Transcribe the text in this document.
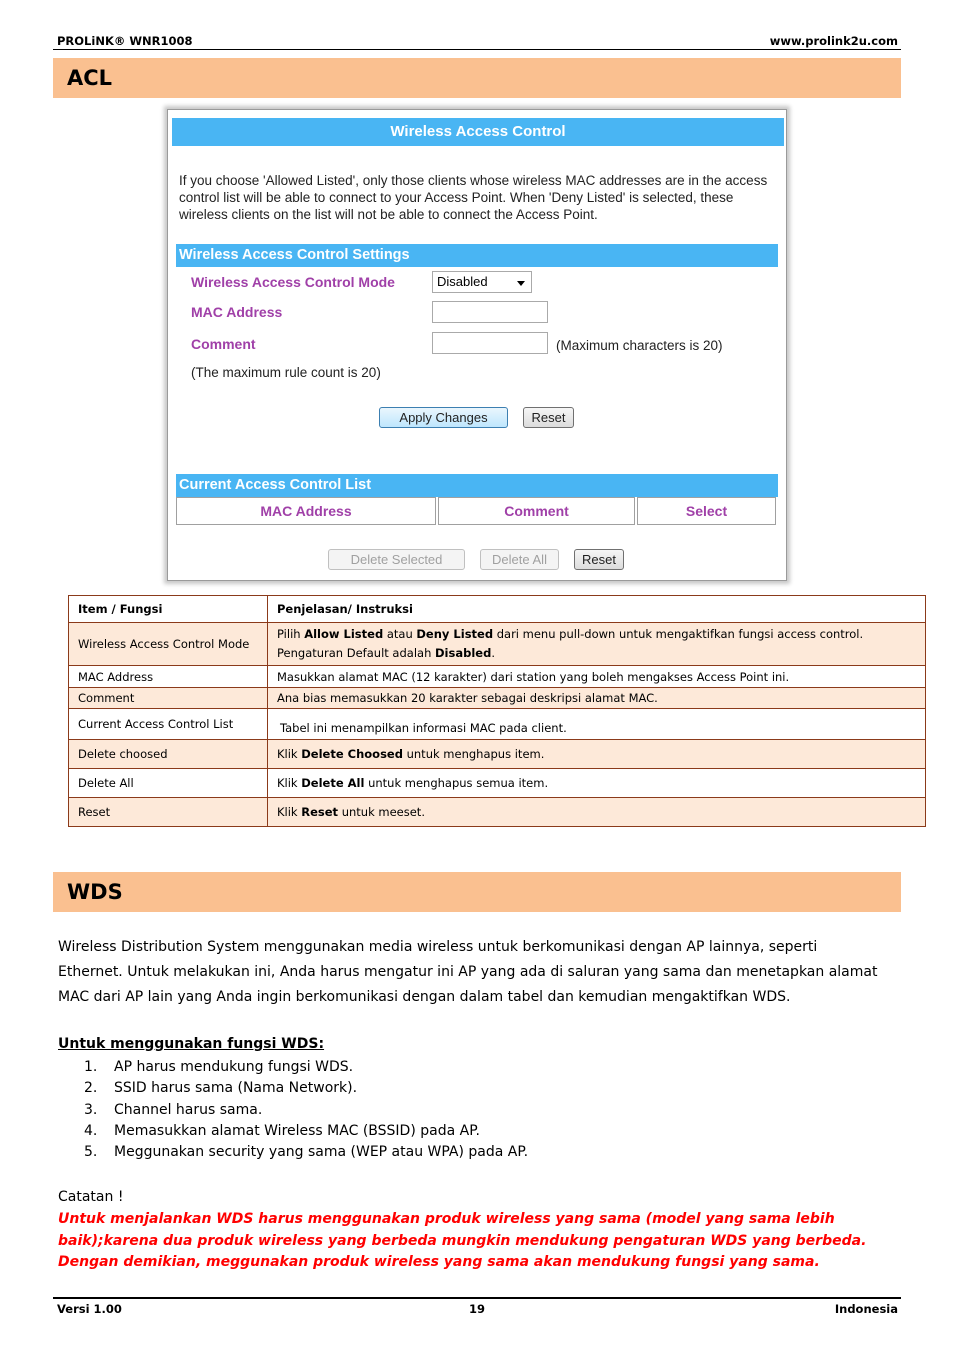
PROLiNK® WNR1008	www.prolink2u.com
ACL
Wireless Access Control
If you choose 'Allowed Listed', only those clients whose wireless MAC addresses are in the access control list will be able to connect to your Access Point. When 'Deny Listed' is selected, these wireless clients on the list will not be able to connect the Access Point.
Wireless Access Control Settings
Wireless Access Control Mode	Disabled
MAC Address
Comment	(Maximum characters is 20)
(The maximum rule count is 20)
Apply Changes	Reset
Current Access Control List
MAC Address	Comment	Select
Delete Selected	Delete All	Reset
Item / Fungsi	Penjelasan/ Instruksi
Wireless Access Control Mode	Pilih Allow Listed atau Deny Listed dari menu pull-down untuk mengaktifkan fungsi access control. Pengaturan Default adalah Disabled.
MAC Address	Masukkan alamat MAC (12 karakter) dari station yang boleh mengakses Access Point ini.
Comment	Ana bias memasukkan 20 karakter sebagai deskripsi alamat MAC.
Current Access Control List	Tabel ini menampilkan informasi MAC pada client.
Delete choosed	Klik Delete Choosed untuk menghapus item.
Delete All	Klik Delete All untuk menghapus semua item.
Reset	Klik Reset untuk meeset.
WDS
Wireless Distribution System menggunakan media wireless untuk berkomunikasi dengan AP lainnya, seperti
Ethernet. Untuk melakukan ini, Anda harus mengatur ini AP yang ada di saluran yang sama dan menetapkan alamat
MAC dari AP lain yang Anda ingin berkomunikasi dengan dalam tabel dan kemudian mengaktifkan WDS.
Untuk menggunakan fungsi WDS:
1. AP harus mendukung fungsi WDS.
2. SSID harus sama (Nama Network).
3. Channel harus sama.
4. Memasukkan alamat Wireless MAC (BSSID) pada AP.
5. Meggunakan security yang sama (WEP atau WPA) pada AP.
Catatan !
Untuk menjalankan WDS harus menggunakan produk wireless yang sama (model yang sama lebih baik);karena dua produk wireless yang berbeda mungkin mendukung pengaturan WDS yang berbeda. Dengan demikian, meggunakan produk wireless yang sama akan mendukung fungsi yang sama.
Versi 1.00	19	Indonesia
